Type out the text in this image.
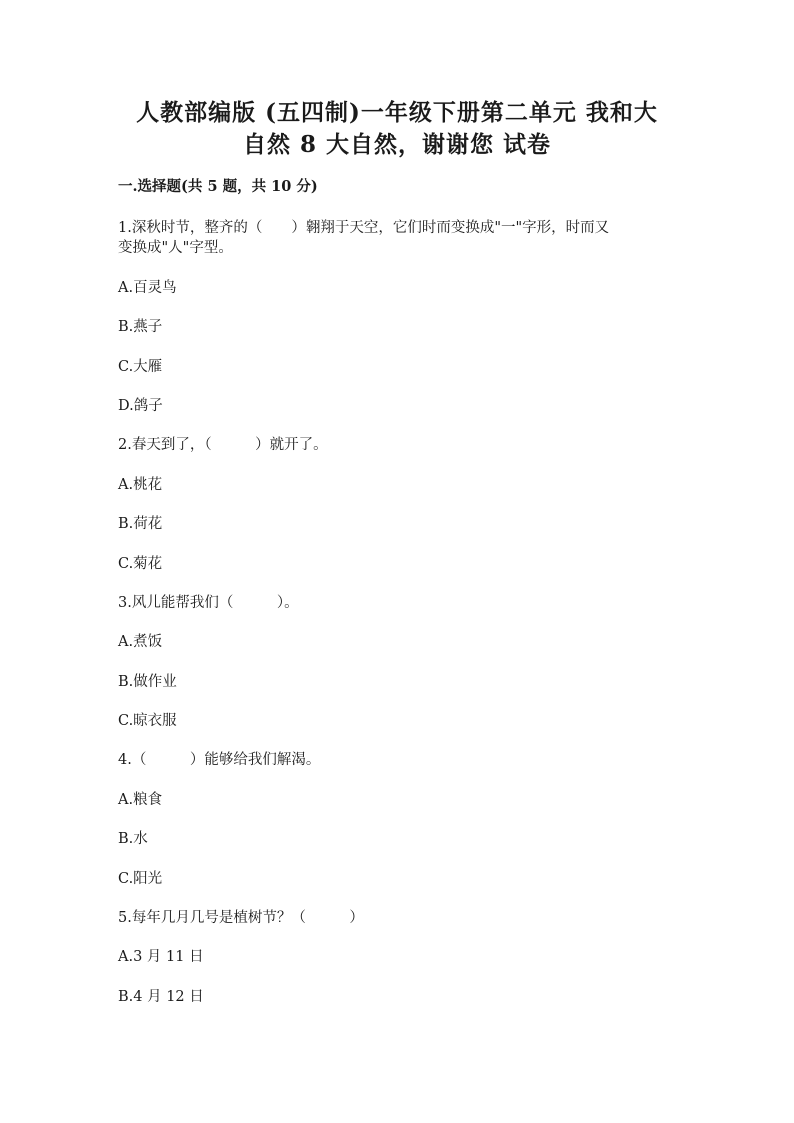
人教部编版 (五四制)一年级下册第二单元 我和大
自然 8 大自然，谢谢您 试卷
一.选择题(共 5 题，共 10 分)
1.深秋时节，整齐的（　　）翱翔于天空，它们时而变换成"一"字形，时而又
变换成"人"字型。
A.百灵鸟
B.燕子
C.大雁
D.鸽子
2.春天到了，（　　　）就开了。
A.桃花
B.荷花
C.菊花
3.风儿能帮我们（　　　）。
A.煮饭
B.做作业
C.晾衣服
4.（　　　）能够给我们解渴。
A.粮食
B.水
C.阳光
5.每年几月几号是植树节？（　　　）
A.3 月 11 日
B.4 月 12 日
